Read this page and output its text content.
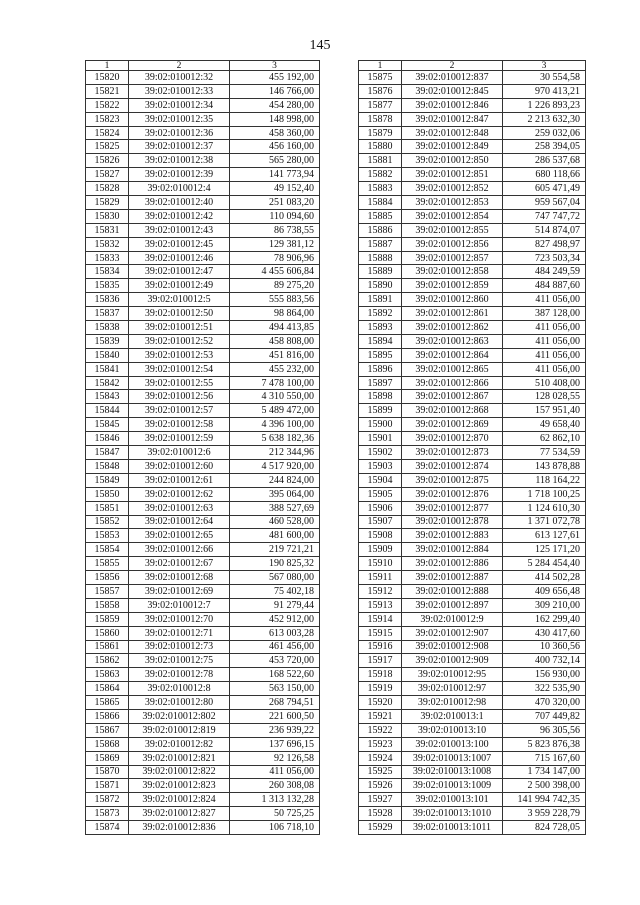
145
1	2	3
15820	39:02:010012:32	455 192,00
15821	39:02:010012:33	146 766,00
15822	39:02:010012:34	454 280,00
15823	39:02:010012:35	148 998,00
15824	39:02:010012:36	458 360,00
15825	39:02:010012:37	456 160,00
15826	39:02:010012:38	565 280,00
15827	39:02:010012:39	141 773,94
15828	39:02:010012:4	49 152,40
15829	39:02:010012:40	251 083,20
15830	39:02:010012:42	110 094,60
15831	39:02:010012:43	86 738,55
15832	39:02:010012:45	129 381,12
15833	39:02:010012:46	78 906,96
15834	39:02:010012:47	4 455 606,84
15835	39:02:010012:49	89 275,20
15836	39:02:010012:5	555 883,56
15837	39:02:010012:50	98 864,00
15838	39:02:010012:51	494 413,85
15839	39:02:010012:52	458 808,00
15840	39:02:010012:53	451 816,00
15841	39:02:010012:54	455 232,00
15842	39:02:010012:55	7 478 100,00
15843	39:02:010012:56	4 310 550,00
15844	39:02:010012:57	5 489 472,00
15845	39:02:010012:58	4 396 100,00
15846	39:02:010012:59	5 638 182,36
15847	39:02:010012:6	212 344,96
15848	39:02:010012:60	4 517 920,00
15849	39:02:010012:61	244 824,00
15850	39:02:010012:62	395 064,00
15851	39:02:010012:63	388 527,69
15852	39:02:010012:64	460 528,00
15853	39:02:010012:65	481 600,00
15854	39:02:010012:66	219 721,21
15855	39:02:010012:67	190 825,32
15856	39:02:010012:68	567 080,00
15857	39:02:010012:69	75 402,18
15858	39:02:010012:7	91 279,44
15859	39:02:010012:70	452 912,00
15860	39:02:010012:71	613 003,28
15861	39:02:010012:73	461 456,00
15862	39:02:010012:75	453 720,00
15863	39:02:010012:78	168 522,60
15864	39:02:010012:8	563 150,00
15865	39:02:010012:80	268 794,51
15866	39:02:010012:802	221 600,50
15867	39:02:010012:819	236 939,22
15868	39:02:010012:82	137 696,15
15869	39:02:010012:821	92 126,58
15870	39:02:010012:822	411 056,00
15871	39:02:010012:823	260 308,08
15872	39:02:010012:824	1 313 132,28
15873	39:02:010012:827	50 725,25
15874	39:02:010012:836	106 718,10
1	2	3
15875	39:02:010012:837	30 554,58
15876	39:02:010012:845	970 413,21
15877	39:02:010012:846	1 226 893,23
15878	39:02:010012:847	2 213 632,30
15879	39:02:010012:848	259 032,06
15880	39:02:010012:849	258 394,05
15881	39:02:010012:850	286 537,68
15882	39:02:010012:851	680 118,66
15883	39:02:010012:852	605 471,49
15884	39:02:010012:853	959 567,04
15885	39:02:010012:854	747 747,72
15886	39:02:010012:855	514 874,07
15887	39:02:010012:856	827 498,97
15888	39:02:010012:857	723 503,34
15889	39:02:010012:858	484 249,59
15890	39:02:010012:859	484 887,60
15891	39:02:010012:860	411 056,00
15892	39:02:010012:861	387 128,00
15893	39:02:010012:862	411 056,00
15894	39:02:010012:863	411 056,00
15895	39:02:010012:864	411 056,00
15896	39:02:010012:865	411 056,00
15897	39:02:010012:866	510 408,00
15898	39:02:010012:867	128 028,55
15899	39:02:010012:868	157 951,40
15900	39:02:010012:869	49 658,40
15901	39:02:010012:870	62 862,10
15902	39:02:010012:873	77 534,59
15903	39:02:010012:874	143 878,88
15904	39:02:010012:875	118 164,22
15905	39:02:010012:876	1 718 100,25
15906	39:02:010012:877	1 124 610,30
15907	39:02:010012:878	1 371 072,78
15908	39:02:010012:883	613 127,61
15909	39:02:010012:884	125 171,20
15910	39:02:010012:886	5 284 454,40
15911	39:02:010012:887	414 502,28
15912	39:02:010012:888	409 656,48
15913	39:02:010012:897	309 210,00
15914	39:02:010012:9	162 299,40
15915	39:02:010012:907	430 417,60
15916	39:02:010012:908	10 360,56
15917	39:02:010012:909	400 732,14
15918	39:02:010012:95	156 930,00
15919	39:02:010012:97	322 535,90
15920	39:02:010012:98	470 320,00
15921	39:02:010013:1	707 449,82
15922	39:02:010013:10	96 305,56
15923	39:02:010013:100	5 823 876,38
15924	39:02:010013:1007	715 167,60
15925	39:02:010013:1008	1 734 147,00
15926	39:02:010013:1009	2 500 398,00
15927	39:02:010013:101	141 994 742,35
15928	39:02:010013:1010	3 959 228,79
15929	39:02:010013:1011	824 728,05
